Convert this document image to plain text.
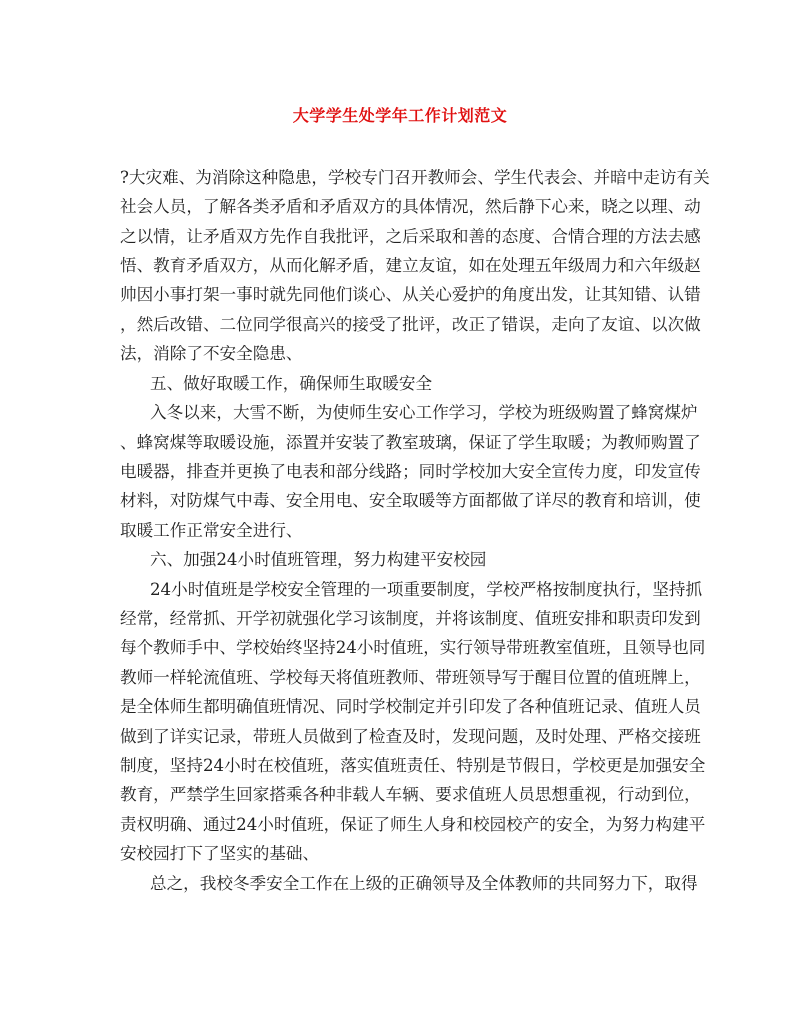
大学学生处学年工作计划范文
?大灾难、为消除这种隐患，学校专门召开教师会、学生代表会、并暗中走访有关
社会人员，了解各类矛盾和矛盾双方的具体情况，然后静下心来，晓之以理、动
之以情，让矛盾双方先作自我批评，之后采取和善的态度、合情合理的方法去感
悟、教育矛盾双方，从而化解矛盾，建立友谊，如在处理五年级周力和六年级赵
帅因小事打架一事时就先同他们谈心、从关心爱护的角度出发，让其知错、认错
，然后改错、二位同学很高兴的接受了批评，改正了错误，走向了友谊、以次做
法，消除了不安全隐患、
五、做好取暖工作，确保师生取暖安全
入冬以来，大雪不断，为使师生安心工作学习，学校为班级购置了蜂窝煤炉
、蜂窝煤等取暖设施，添置并安装了教室玻璃，保证了学生取暖；为教师购置了
电暖器，排查并更换了电表和部分线路；同时学校加大安全宣传力度，印发宣传
材料，对防煤气中毒、安全用电、安全取暖等方面都做了详尽的教育和培训，使
取暖工作正常安全进行、
六、加强24小时值班管理，努力构建平安校园
24小时值班是学校安全管理的一项重要制度，学校严格按制度执行，坚持抓
经常，经常抓、开学初就强化学习该制度，并将该制度、值班安排和职责印发到
每个教师手中、学校始终坚持24小时值班，实行领导带班教室值班，且领导也同
教师一样轮流值班、学校每天将值班教师、带班领导写于醒目位置的值班牌上，
是全体师生都明确值班情况、同时学校制定并引印发了各种值班记录、值班人员
做到了详实记录，带班人员做到了检查及时，发现问题，及时处理、严格交接班
制度，坚持24小时在校值班，落实值班责任、特别是节假日，学校更是加强安全
教育，严禁学生回家搭乘各种非载人车辆、要求值班人员思想重视，行动到位，
责权明确、通过24小时值班，保证了师生人身和校园校产的安全，为努力构建平
安校园打下了坚实的基础、
总之，我校冬季安全工作在上级的正确领导及全体教师的共同努力下，取得
